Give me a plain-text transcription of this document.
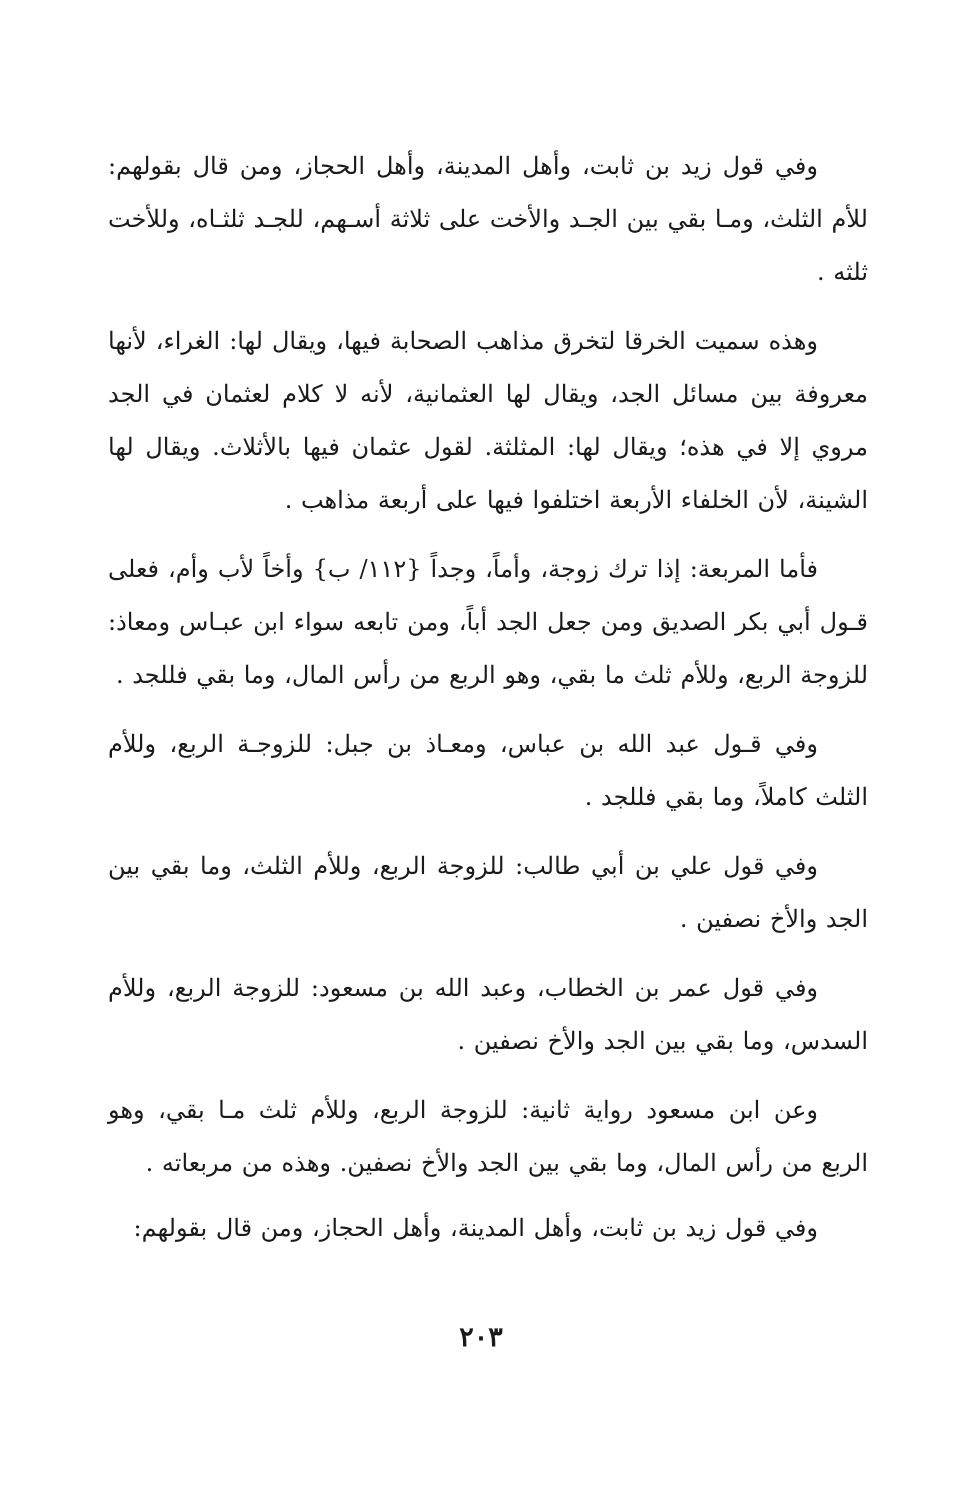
وفي قول زيد بن ثابت، وأهل المدينة، وأهل الحجاز، ومن قال بقولهم: للأم الثلث، ومـا بقي بين الجـد والأخت على ثلاثة أسـهم، للجـد ثلثـاه، وللأخت ثلثه .

وهذه سميت الخرقا لتخرق مذاهب الصحابة فيها، ويقال لها: الغراء، لأنها معروفة بين مسائل الجد، ويقال لها العثمانية، لأنه لا كلام لعثمان في الجد مروي إلا في هذه؛ ويقال لها: المثلثة. لقول عثمان فيها بالأثلاث. ويقال لها الشينة، لأن الخلفاء الأربعة اختلفوا فيها على أربعة مذاهب .

فأما المربعة: إذا ترك زوجة، وأماً، وجداً {١١٢/ ب} وأخاً لأب وأم، فعلى قـول أبي بكر الصديق ومن جعل الجد أباً، ومن تابعه سواء ابن عبـاس ومعاذ: للزوجة الربع، وللأم ثلث ما بقي، وهو الربع من رأس المال، وما بقي فللجد .

وفي قـول عبد الله بن عباس، ومعـاذ بن جبل: للزوجـة الربع، وللأم الثلث كاملاً، وما بقي فللجد .

وفي قول علي بن أبي طالب: للزوجة الربع، وللأم الثلث، وما بقي بين الجد والأخ نصفين .

وفي قول عمر بن الخطاب، وعبد الله بن مسعود: للزوجة الربع، وللأم السدس، وما بقي بين الجد والأخ نصفين .

وعن ابن مسعود رواية ثانية: للزوجة الربع، وللأم ثلث مـا بقي، وهو الربع من رأس المال، وما بقي بين الجد والأخ نصفين. وهذه من مربعاته .

وفي قول زيد بن ثابت، وأهل المدينة، وأهل الحجاز، ومن قال بقولهم:

٢٠٣
